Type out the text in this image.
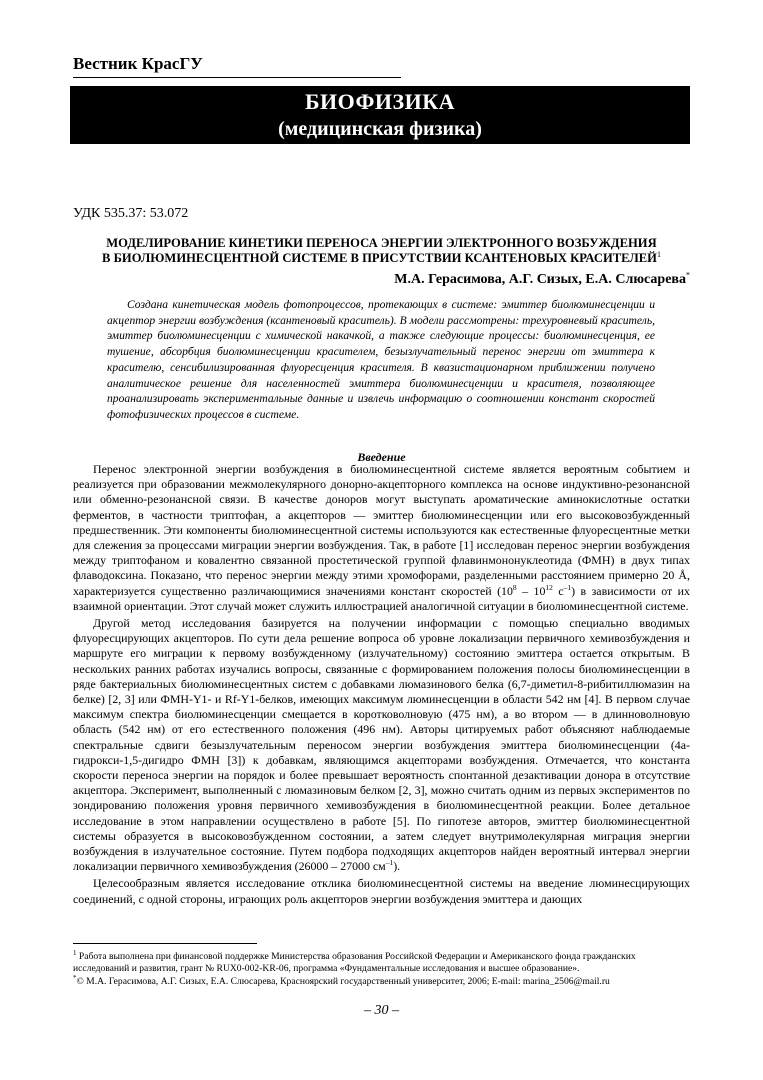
Вестник КрасГУ
БИОФИЗИКА
(медицинская физика)
УДК 535.37: 53.072
МОДЕЛИРОВАНИЕ КИНЕТИКИ ПЕРЕНОСА ЭНЕРГИИ ЭЛЕКТРОННОГО ВОЗБУЖДЕНИЯ
В БИОЛЮМИНЕСЦЕНТНОЙ СИСТЕМЕ В ПРИСУТСТВИИ КСАНТЕНОВЫХ КРАСИТЕЛЕЙ$^1$
М.А. Герасимова, А.Г. Сизых, Е.А. Слюсарева*
Создана кинетическая модель фотопроцессов, протекающих в системе: эмиттер биолюминесценции и акцептор энергии возбуждения (ксантеновый краситель). В модели рассмотрены: трехуровневый краситель, эмиттер биолюминесценции с химической накачкой, а также следующие процессы: биолюминесценция, ее тушение, абсорбция биолюминесценции красителем, безызлучательный перенос энергии от эмиттера к красителю, сенсибилизированная флуоресценция красителя. В квазистационарном приближении получено аналитическое решение для населенностей эмиттера биолюминесценции и красителя, позволяющее проанализировать экспериментальные данные и извлечь информацию о соотношении констант скоростей фотофизических процессов в системе.
Введение

Перенос электронной энергии возбуждения в биолюминесцентной системе является вероятным событием и реализуется при образовании межмолекулярного донорно-акцепторного комплекса на основе индуктивно-резонансной или обменно-резонансной связи. В качестве доноров могут выступать ароматические аминокислотные остатки ферментов, в частности триптофан, а акцепторов — эмиттер биолюминесценции или его высоковозбужденный предшественник. Эти компоненты биолюминесцентной системы используются как естественные флуоресцентные метки для слежения за процессами миграции энергии возбуждения. Так, в работе [1] исследован перенос энергии возбуждения между триптофаном и ковалентно связанной простетической группой флавинмононуклеотида (ФМН) в двух типах флаводоксина. Показано, что перенос энергии между этими хромофорами, разделенными расстоянием примерно 20 Å, характеризуется существенно различающимися значениями констант скоростей ($10^8 - 10^{12}$ $с^{-1}$) в зависимости от их взаимной ориентации. Этот случай может служить иллюстрацией аналогичной ситуации в биолюминесцентной системе.

Другой метод исследования базируется на получении информации с помощью специально вводимых флуоресцирующих акцепторов. По сути дела решение вопроса об уровне локализации первичного хемивозбуждения и маршруте его миграции к первому возбужденному (излучательному) состоянию эмиттера остается открытым. В нескольких ранних работах изучались вопросы, связанные с формированием положения полосы биолюминесценции в ряде бактериальных биолюминесцентных систем с добавками люмазинового белка (6,7-диметил-8-рибитиллюмазин на белке) [2, 3] или ФМН-Y1- и Rf-Y1-белков, имеющих максимум люминесценции в области 542 нм [4]. В первом случае максимум спектра биолюминесценции смещается в коротковолновую (475 нм), а во втором — в длинноволновую область (542 нм) от его естественного положения (496 нм). Авторы цитируемых работ объясняют наблюдаемые спектральные сдвиги безызлучательным переносом энергии возбуждения эмиттера биолюминесценции (4а-гидрокси-1,5-дигидро ФМН [3]) к добавкам, являющимся акцепторами возбуждения. Отмечается, что константа скорости переноса энергии на порядок и более превышает вероятность спонтанной дезактивации донора в отсутствие акцептора. Эксперимент, выполненный с люмазиновым белком [2, 3], можно считать одним из первых экспериментов по зондированию положения уровня первичного хемивозбуждения в биолюминесцентной реакции. Более детальное исследование в этом направлении осуществлено в работе [5]. По гипотезе авторов, эмиттер биолюминесцентной системы образуется в высоковозбужденном состоянии, а затем следует внутримолекулярная миграция энергии возбуждения в излучательное состояние. Путем подбора подходящих акцепторов найден вероятный интервал энергии локализации первичного хемивозбуждения (26000 – 27000 $см^{-1}$).

Целесообразным является исследование отклика биолюминесцентной системы на введение люминесцирующих соединений, с одной стороны, играющих роль акцепторов энергии возбуждения эмиттера и дающих

$^1$ Работа выполнена при финансовой поддержке Министерства образования Российской Федерации и Американского фонда гражданских исследований и развития, грант № RUX0-002-KR-06, программа «Фундаментальные исследования и высшее образование».

*© М.А. Герасимова, А.Г. Сизых, Е.А. Слюсарева, Красноярский государственный университет, 2006; E-mail: marina_2506@mail.ru

– 30 –
